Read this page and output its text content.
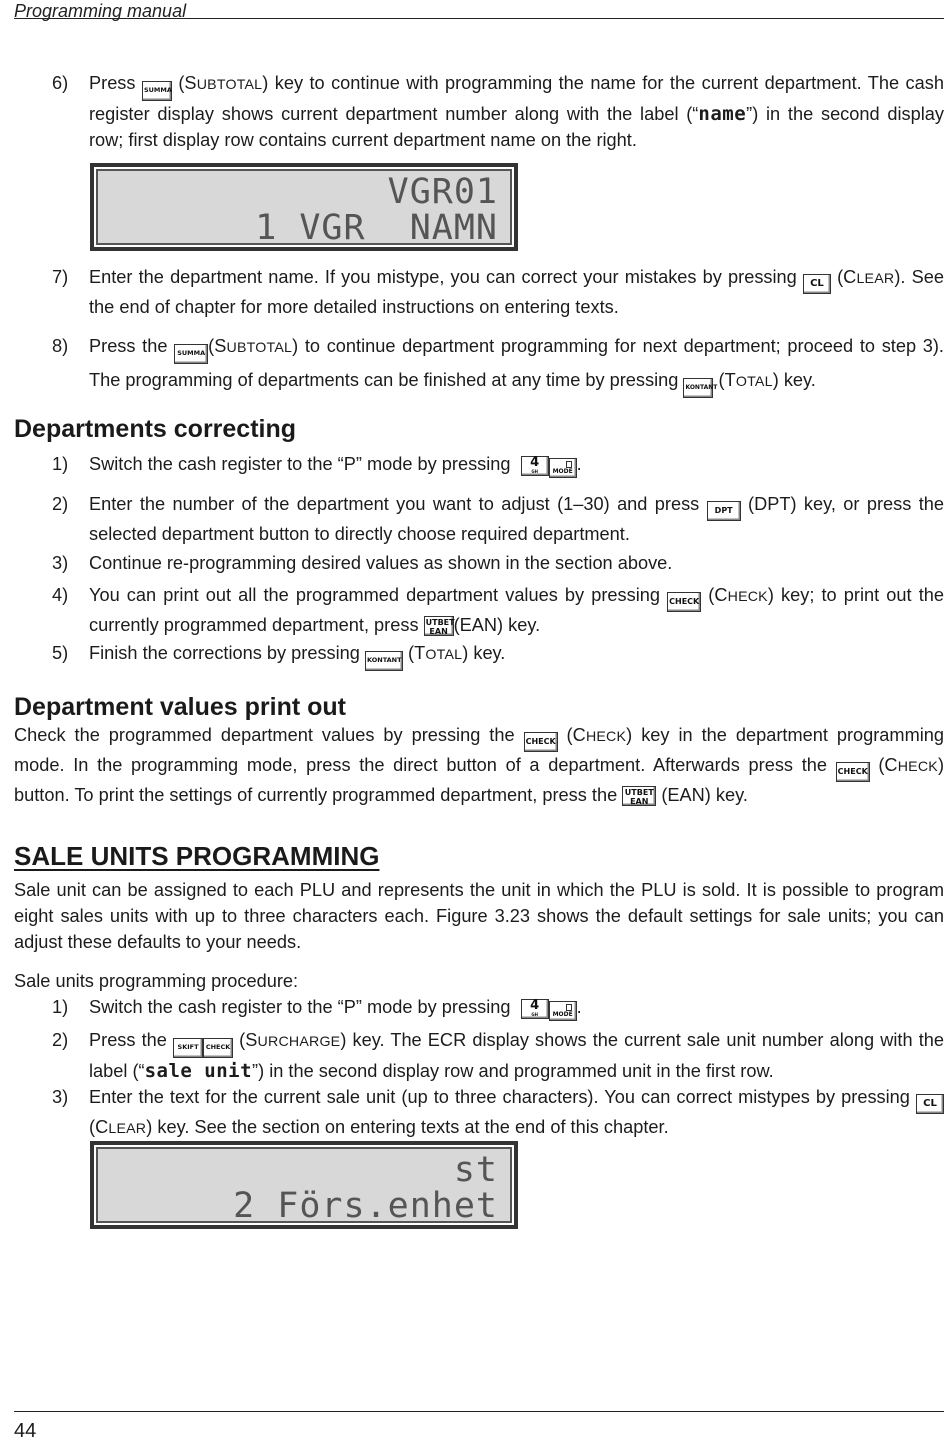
Programming manual
6) Press SUMMA (SUBTOTAL) key to continue with programming the name for the current department. The cash register display shows current department number along with the label (“name”) in the second display row; first display row contains current department name on the right.
VGR01
1 VGR  NAMN
7) Enter the department name. If you mistype, you can correct your mistakes by pressing CL (CLEAR). See the end of chapter for more detailed instructions on entering texts.
8) Press the SUMMA (SUBTOTAL) to continue department programming for next department; proceed to step 3). The programming of departments can be finished at any time by pressing KONTANT (TOTAL) key.
Departments correcting
1) Switch the cash register to the “P” mode by pressing 4
GH	MODE .
2) Enter the number of the department you want to adjust (1–30) and press DPT (DPT) key, or press the selected department button to directly choose required department.
3) Continue re-programming desired values as shown in the section above.
4) You can print out all the programmed department values by pressing CHECK (CHECK) key; to print out the currently programmed department, press UTBET
EAN (EAN) key.
5) Finish the corrections by pressing KONTANT (TOTAL) key.
Department values print out
Check the programmed department values by pressing the CHECK (CHECK) key in the department programming mode. In the programming mode, press the direct button of a department. Afterwards press the CHECK (CHECK) button. To print the settings of currently programmed department, press the UTBET
EAN (EAN) key.
SALE UNITS PROGRAMMING
Sale unit can be assigned to each PLU and represents the unit in which the PLU is sold. It is possible to program eight sales units with up to three characters each. Figure 3.23 shows the default settings for sale units; you can adjust these defaults to your needs.
Sale units programming procedure:
1) Switch the cash register to the “P” mode by pressing 4
GH	MODE .
2) Press the SKIFT CHECK (SURCHARGE) key. The ECR display shows the current sale unit number along with the label (“sale unit”) in the second display row and programmed unit in the first row.
3) Enter the text for the current sale unit (up to three characters). You can correct mistypes by pressing CL (CLEAR) key. See the section on entering texts at the end of this chapter.
st
2 Förs.enhet
44
